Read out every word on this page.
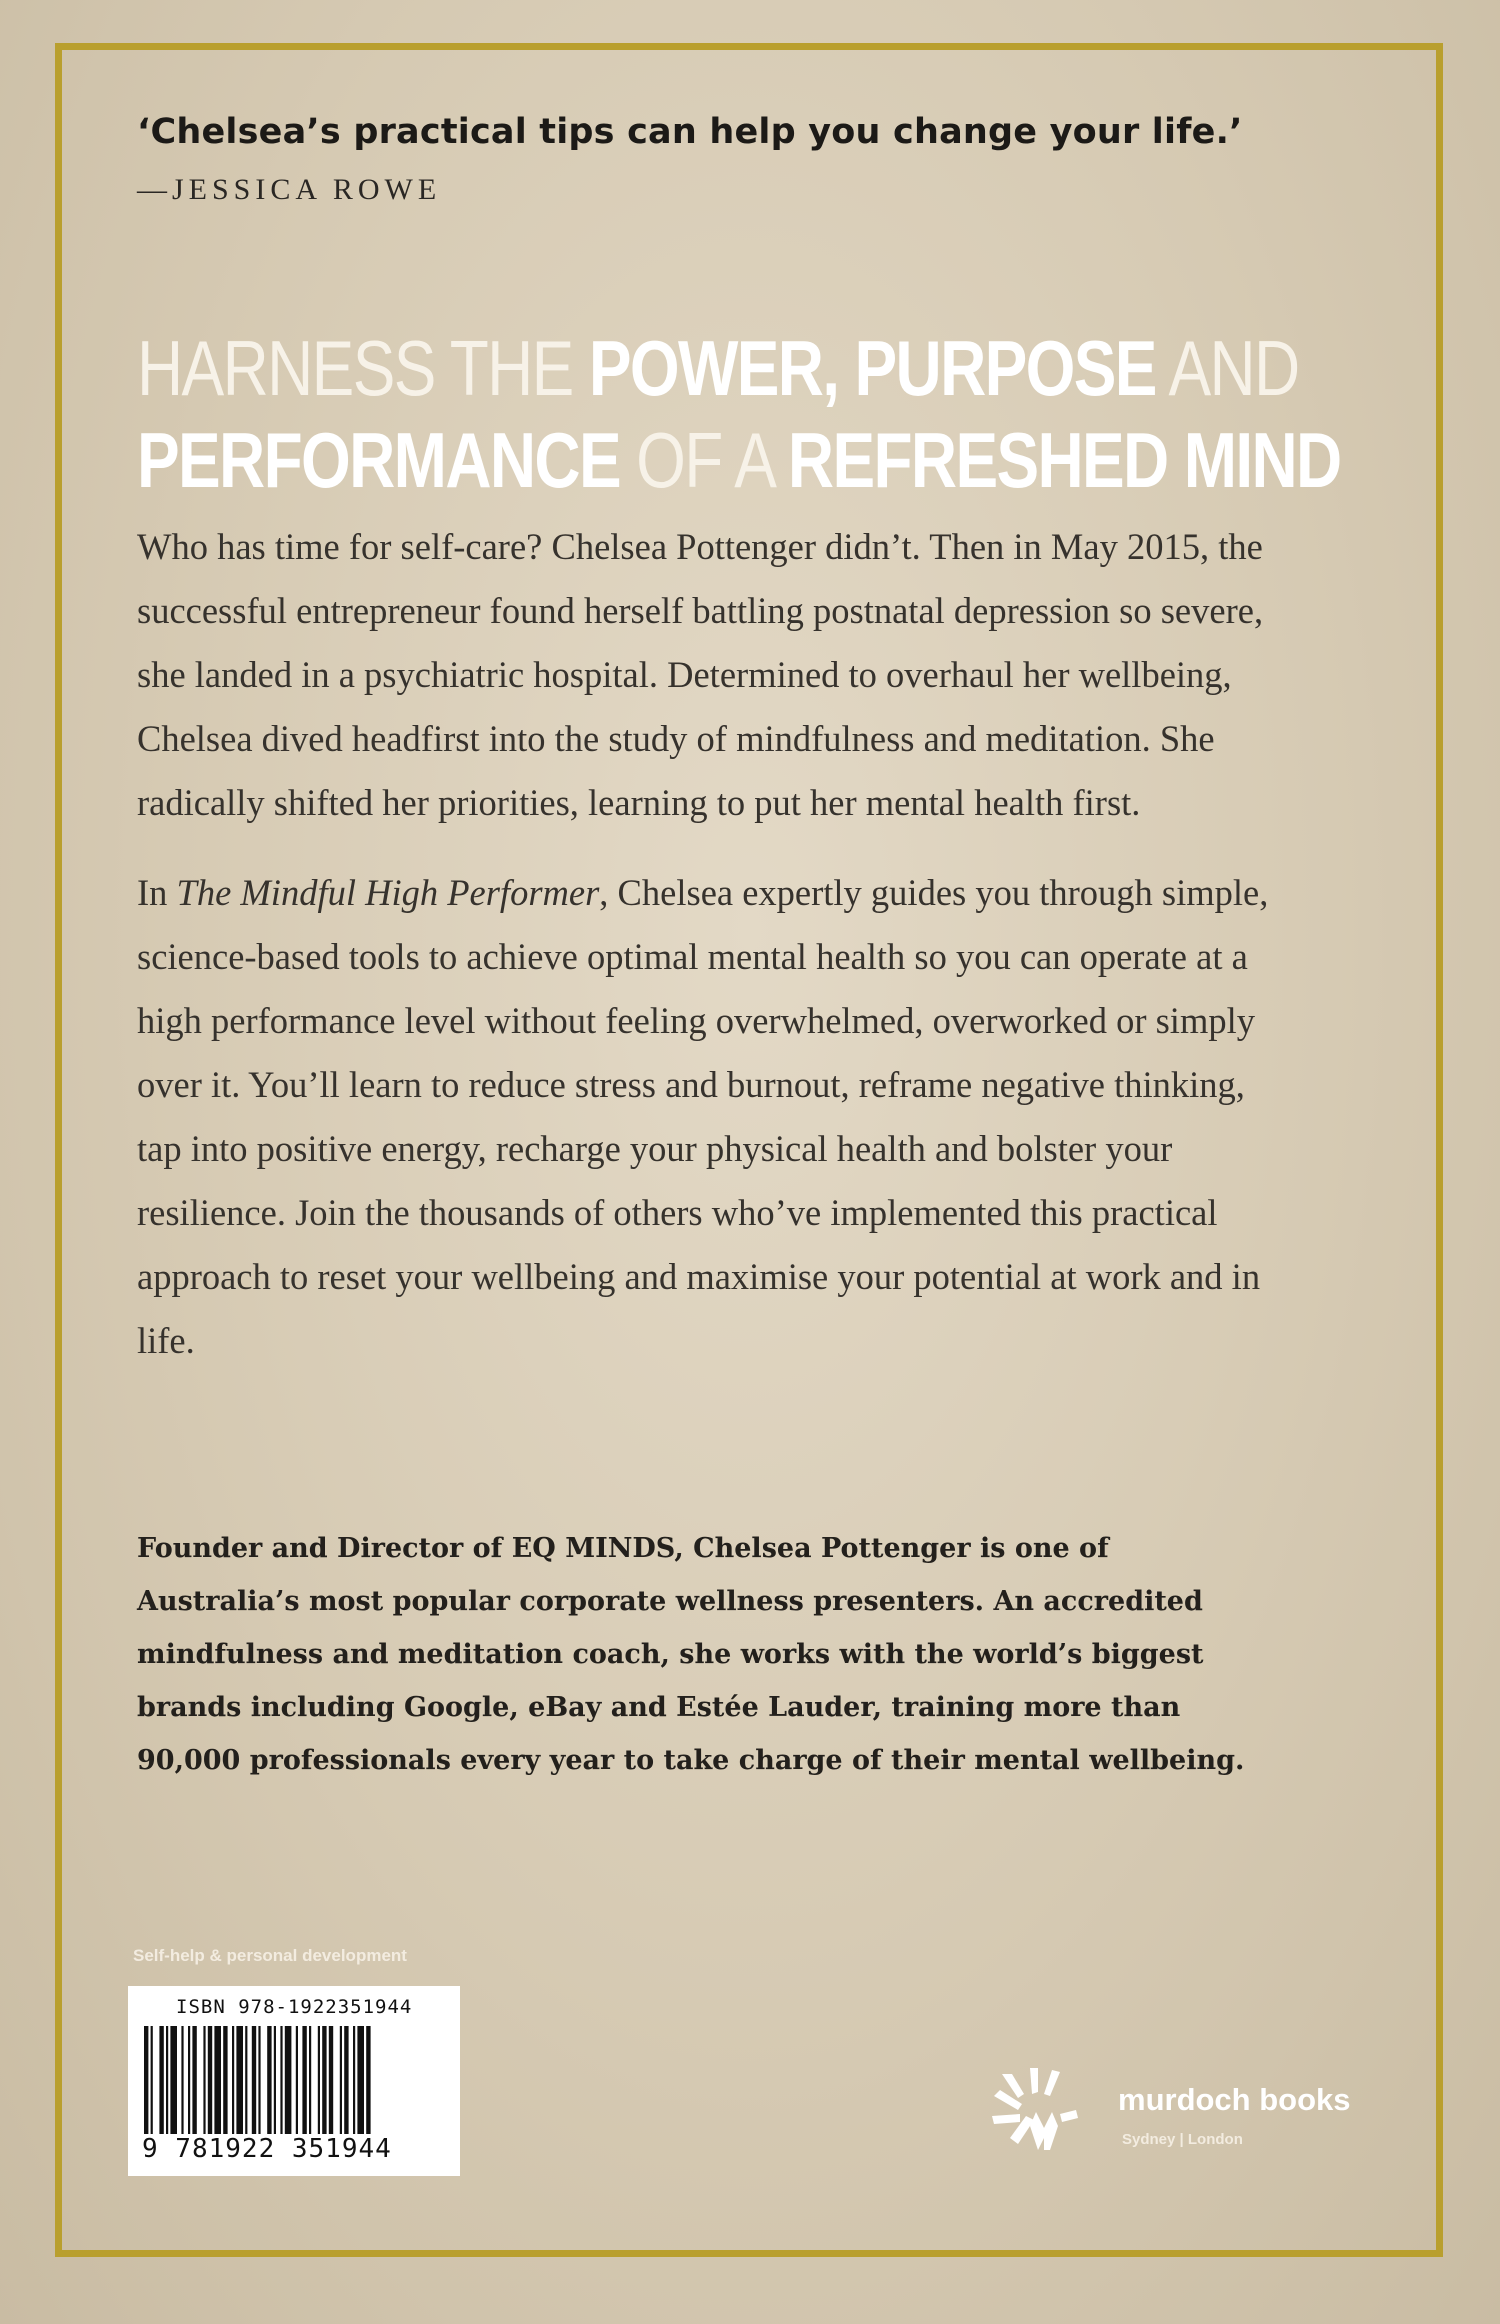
‘Chelsea’s practical tips can help you change your life.’
—JESSICA ROWE
HARNESS THE POWER, PURPOSE AND
PERFORMANCE OF A REFRESHED MIND

Who has time for self-care? Chelsea Pottenger didn’t. Then in May 2015, the successful entrepreneur found herself battling postnatal depression so severe, she landed in a psychiatric hospital. Determined to overhaul her wellbeing, Chelsea dived headfirst into the study of mindfulness and meditation. She radically shifted her priorities, learning to put her mental health first.

In The Mindful High Performer, Chelsea expertly guides you through simple, science-based tools to achieve optimal mental health so you can operate at a high performance level without feeling overwhelmed, overworked or simply over it. You’ll learn to reduce stress and burnout, reframe negative thinking, tap into positive energy, recharge your physical health and bolster your resilience. Join the thousands of others who’ve implemented this practical approach to reset your wellbeing and maximise your potential at work and in life.

Founder and Director of EQ MINDS, Chelsea Pottenger is one of Australia’s most popular corporate wellness presenters. An accredited mindfulness and meditation coach, she works with the world’s biggest brands including Google, eBay and Estée Lauder, training more than 90,000 professionals every year to take charge of their mental wellbeing.
Self-help & personal development
ISBN 978-1922351944
9 781922 351944
murdoch books
Sydney | London
